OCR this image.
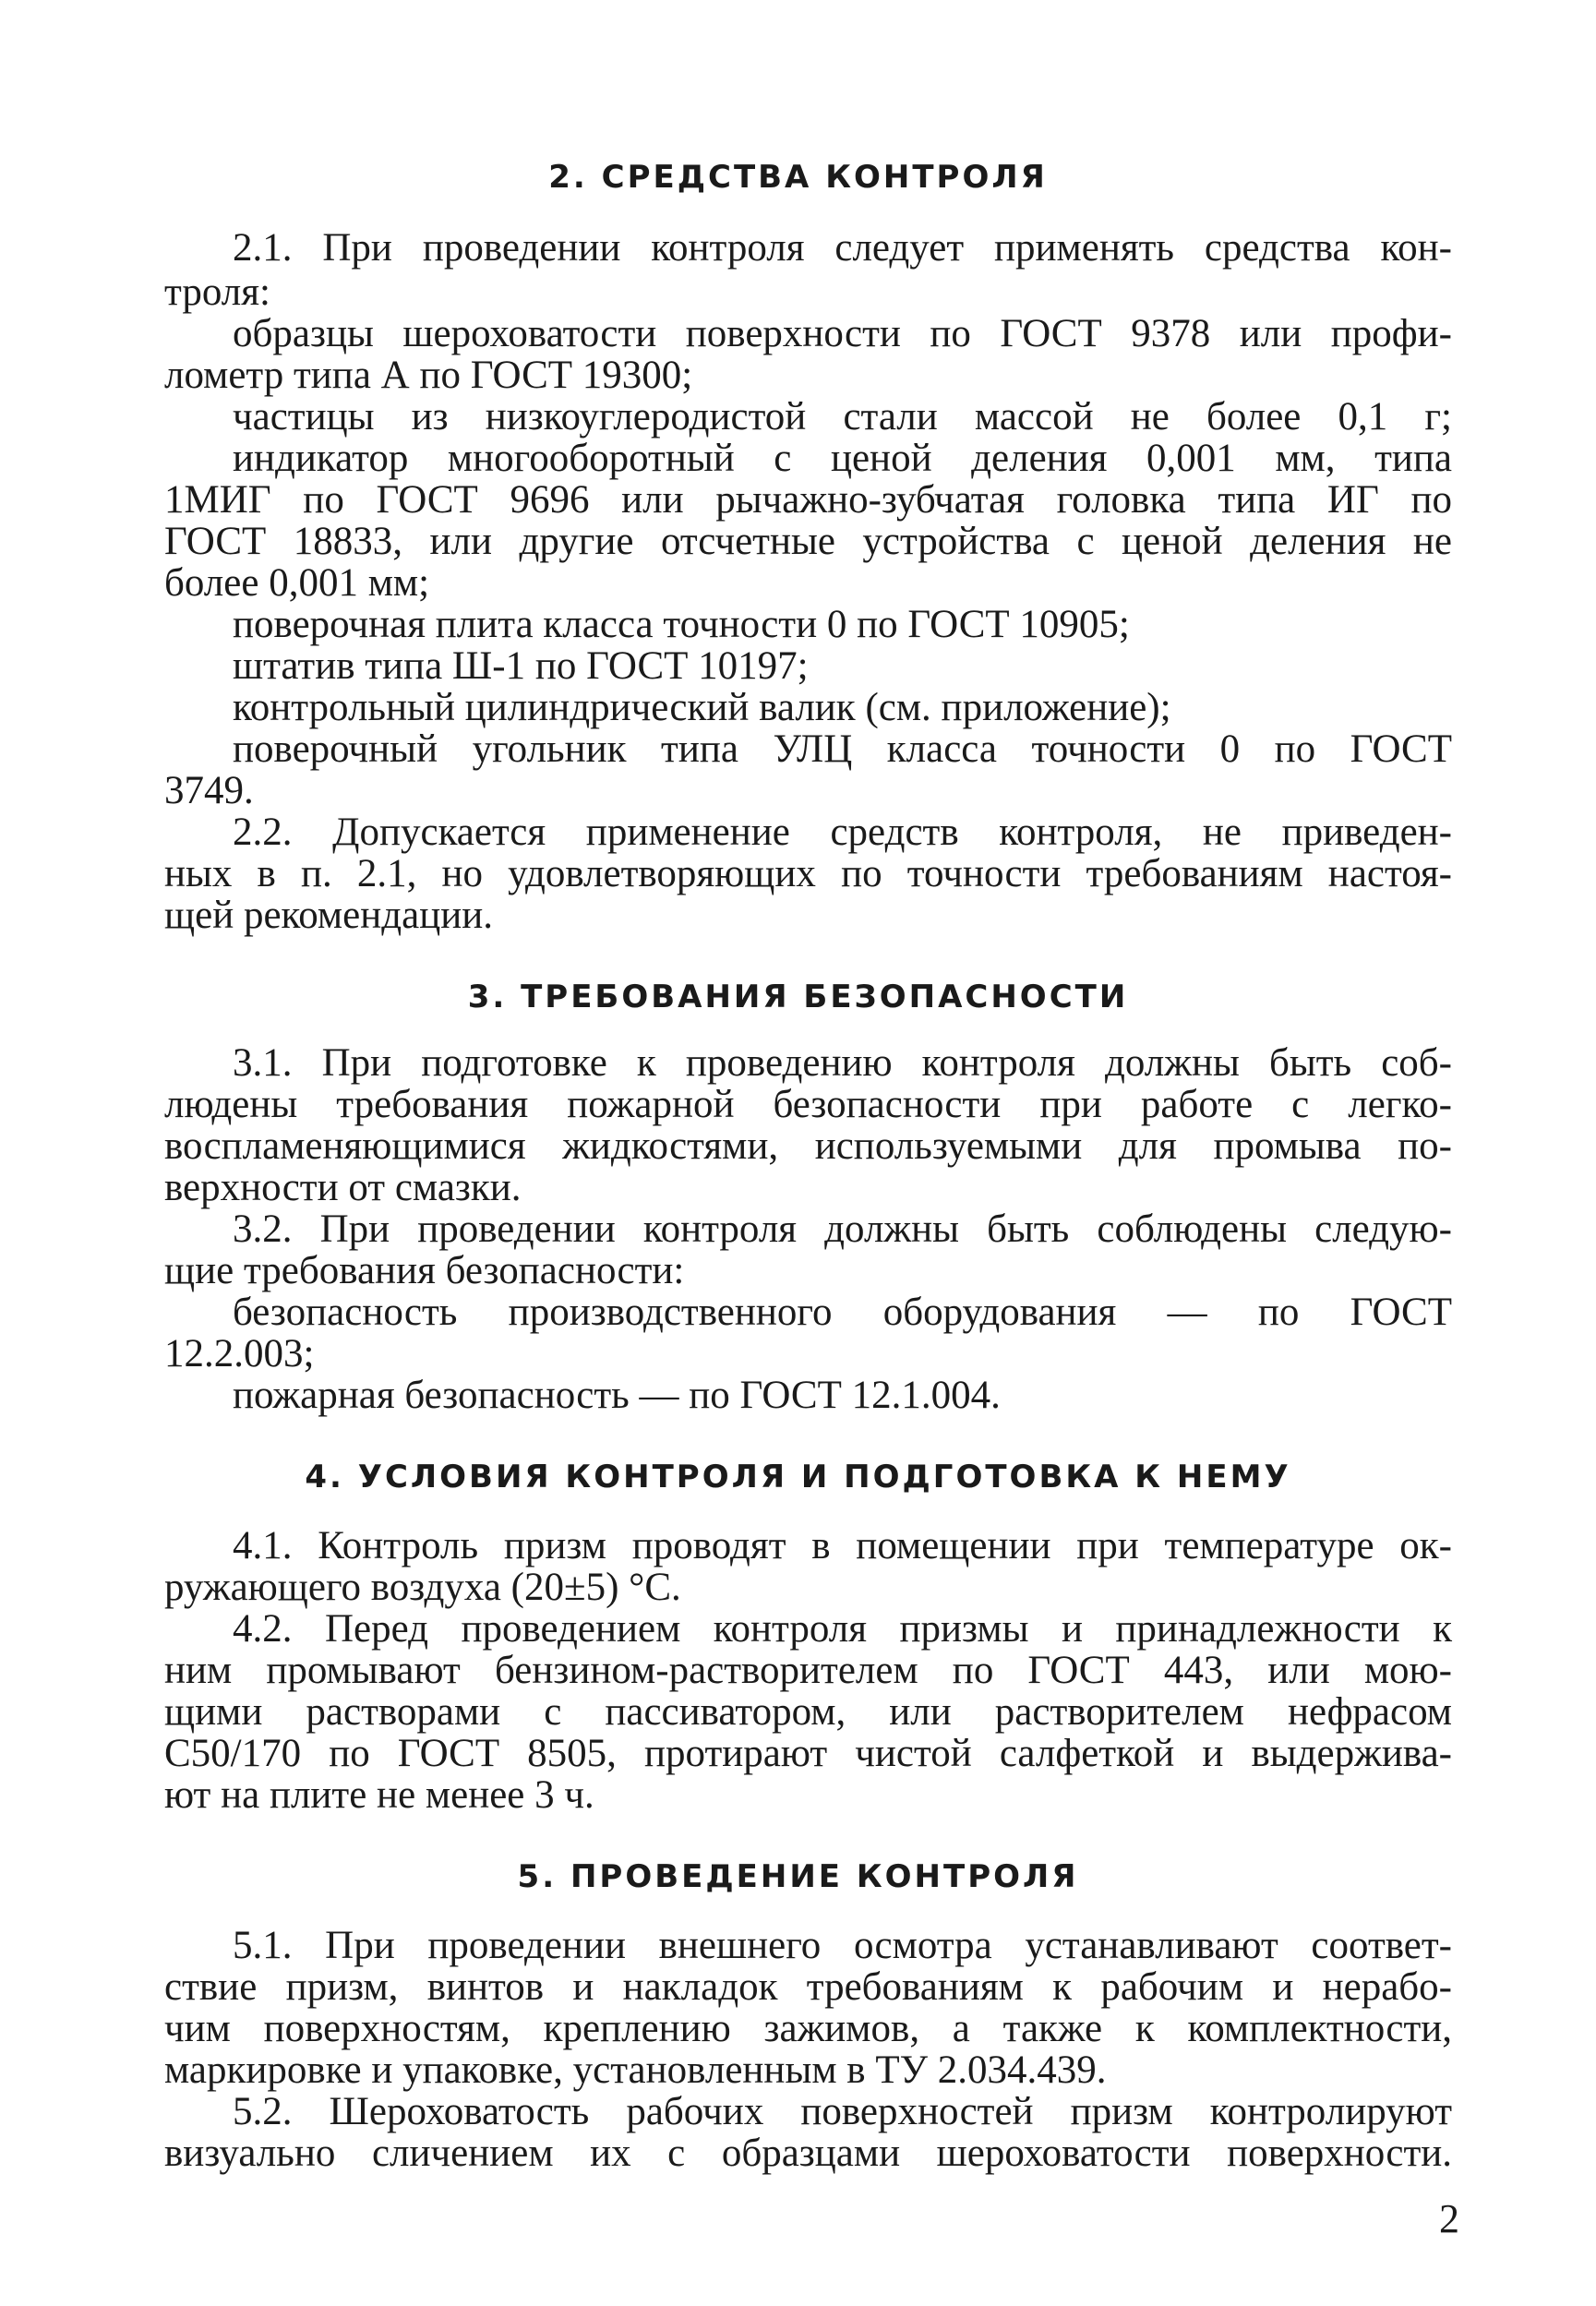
2. СРЕДСТВА КОНТРОЛЯ

2.1. При проведении контроля следует применять средства кон-

троля:

образцы шероховатости поверхности по ГОСТ 9378 или профи-

лометр типа А по ГОСТ 19300;

частицы из низкоуглеродистой стали массой не более 0,1 г;

индикатор многооборотный с ценой деления 0,001 мм, типа

1МИГ по ГОСТ 9696 или рычажно-зубчатая головка типа ИГ по

ГОСТ 18833, или другие отсчетные устройства с ценой деления не

более 0,001 мм;

поверочная плита класса точности 0 по ГОСТ 10905;

штатив типа Ш-1 по ГОСТ 10197;

контрольный цилиндрический валик (см. приложение);

поверочный угольник типа УЛЦ класса точности 0 по ГОСТ

3749.

2.2. Допускается применение средств контроля, не приведен-

ных в п. 2.1, но удовлетворяющих по точности требованиям настоя-

щей рекомендации.

3. ТРЕБОВАНИЯ БЕЗОПАСНОСТИ

3.1. При подготовке к проведению контроля должны быть соб-

людены требования пожарной безопасности при работе с легко-

воспламеняющимися жидкостями, используемыми для промыва по-

верхности от смазки.

3.2. При проведении контроля должны быть соблюдены следую-

щие требования безопасности:

безопасность производственного оборудования — по ГОСТ

12.2.003;

пожарная безопасность — по ГОСТ 12.1.004.

4. УСЛОВИЯ КОНТРОЛЯ И ПОДГОТОВКА К НЕМУ

4.1. Контроль призм проводят в помещении при температуре ок-

ружающего воздуха (20±5) °C.

4.2. Перед проведением контроля призмы и принадлежности к

ним промывают бензином-растворителем по ГОСТ 443, или мою-

щими растворами с пассиватором, или растворителем нефрасом

С50/170 по ГОСТ 8505, протирают чистой салфеткой и выдержива-

ют на плите не менее 3 ч.

5. ПРОВЕДЕНИЕ КОНТРОЛЯ

5.1. При проведении внешнего осмотра устанавливают соответ-

ствие призм, винтов и накладок требованиям к рабочим и нерабо-

чим поверхностям, креплению зажимов, а также к комплектности,

маркировке и упаковке, установленным в ТУ 2.034.439.

5.2. Шероховатость рабочих поверхностей призм контролируют

визуально сличением их с образцами шероховатости поверхности.

2
